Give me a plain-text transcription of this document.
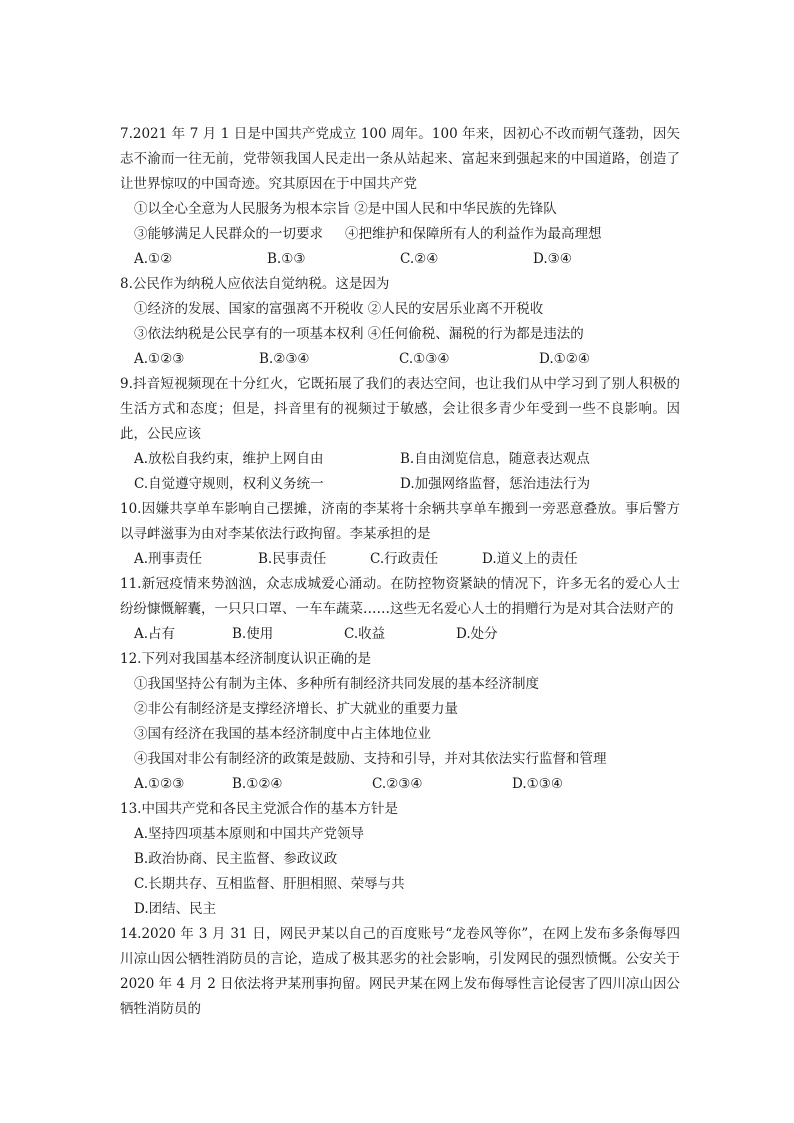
7.2021 年 7 月 1 日是中国共产党成立 100 周年。100 年来，因初心不改而朝气蓬勃，因矢志不渝而一往无前，党带领我国人民走出一条从站起来、富起来到强起来的中国道路，创造了让世界惊叹的中国奇迹。究其原因在于中国共产党

①以全心全意为人民服务为根本宗旨 ②是中国人民和中华民族的先锋队

③能够满足人民群众的一切要求 ④把维护和保障所有人的利益作为最高理想

A.①②	B.①③	C.②④	D.③④

8.公民作为纳税人应依法自觉纳税。这是因为

①经济的发展、国家的富强离不开税收 ②人民的安居乐业离不开税收

③依法纳税是公民享有的一项基本权利 ④任何偷税、漏税的行为都是违法的

A.①②③	B.②③④	C.①③④	D.①②④

9.抖音短视频现在十分红火，它既拓展了我们的表达空间，也让我们从中学习到了别人积极的生活方式和态度；但是，抖音里有的视频过于敏感，会让很多青少年受到一些不良影响。因此，公民应该

A.放松自我约束，维护上网自由	B.自由浏览信息，随意表达观点
C.自觉遵守规则，权利义务统一	D.加强网络监督，惩治违法行为

10.因嫌共享单车影响自己摆摊，济南的李某将十余辆共享单车搬到一旁恶意叠放。事后警方以寻衅滋事为由对李某依法行政拘留。李某承担的是

A.刑事责任	B.民事责任	C.行政责任	D.道义上的责任

11.新冠疫情来势汹汹，众志成城爱心涌动。在防控物资紧缺的情况下，许多无名的爱心人士纷纷慷慨解囊，一只只口罩、一车车蔬菜……这些无名爱心人士的捐赠行为是对其合法财产的

A.占有	B.使用	C.收益	D.处分

12.下列对我国基本经济制度认识正确的是

①我国坚持公有制为主体、多种所有制经济共同发展的基本经济制度

②非公有制经济是支撑经济增长、扩大就业的重要力量

③国有经济在我国的基本经济制度中占主体地位业

④我国对非公有制经济的政策是鼓励、支持和引导，并对其依法实行监督和管理

A.①②③	B.①②④	C.②③④	D.①③④

13.中国共产党和各民主党派合作的基本方针是

A.坚持四项基本原则和中国共产党领导

B.政治协商、民主监督、参政议政

C.长期共存、互相监督、肝胆相照、荣辱与共

D.团结、民主

14.2020 年 3 月 31 日，网民尹某以自己的百度账号“龙卷风等你”，在网上发布多条侮辱四川凉山因公牺牲消防员的言论，造成了极其恶劣的社会影响，引发网民的强烈愤慨。公安关于 2020 年 4 月 2 日依法将尹某刑事拘留。网民尹某在网上发布侮辱性言论侵害了四川凉山因公牺牲消防员的
